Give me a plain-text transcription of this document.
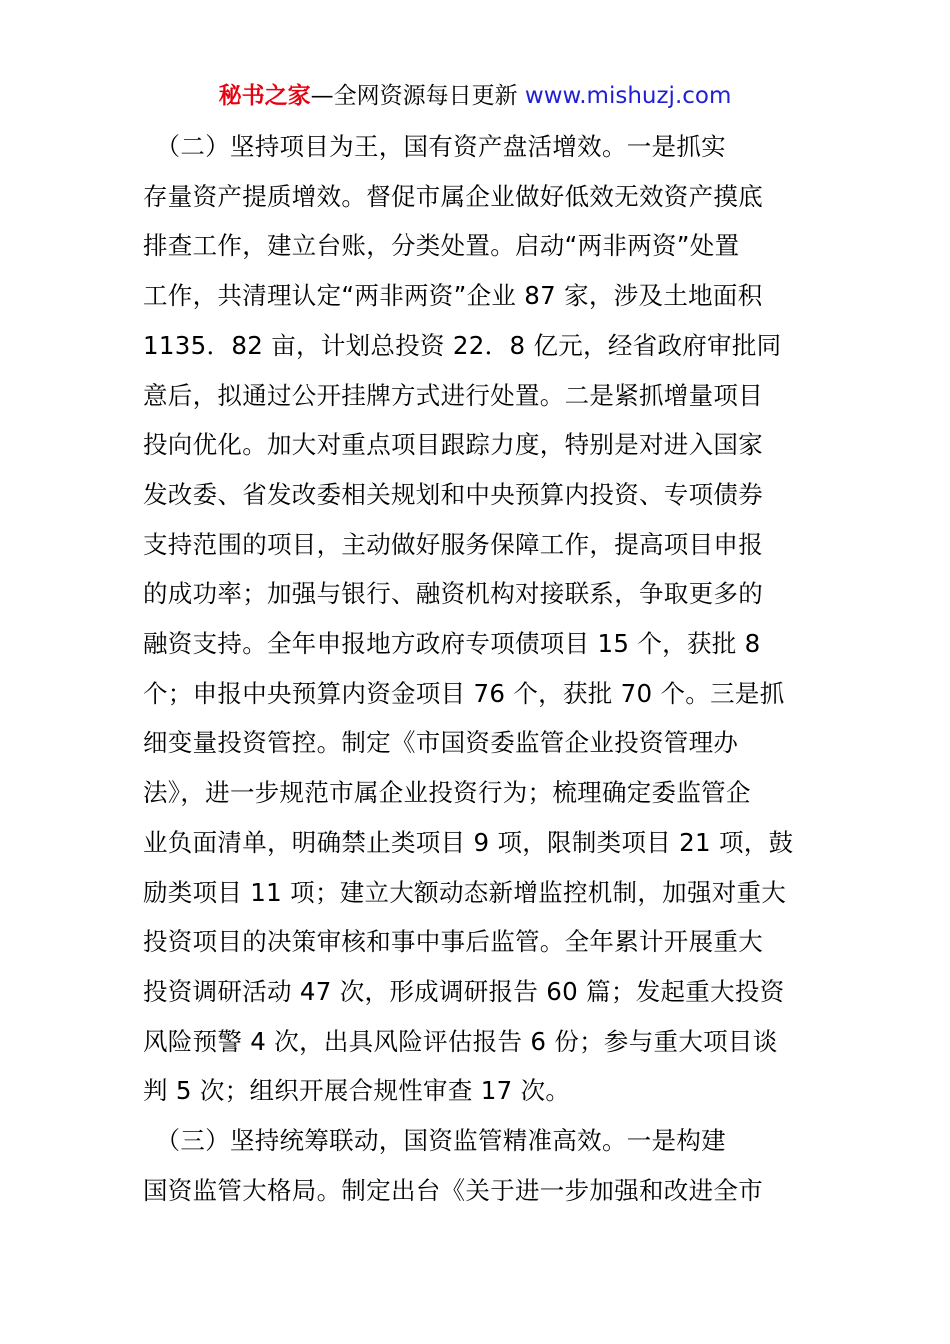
秘书之家—全网资源每日更新 www.mishuzj.com

　（二）坚持项目为王，国有资产盘活增效。一是抓实
存量资产提质增效。督促市属企业做好低效无效资产摸底
排查工作，建立台账，分类处置。启动“两非两资”处置
工作，共清理认定“两非两资”企业 87 家，涉及土地面积
1135．82 亩，计划总投资 22．8 亿元，经省政府审批同
意后，拟通过公开挂牌方式进行处置。二是紧抓增量项目
投向优化。加大对重点项目跟踪力度，特别是对进入国家
发改委、省发改委相关规划和中央预算内投资、专项债券
支持范围的项目，主动做好服务保障工作，提高项目申报
的成功率；加强与银行、融资机构对接联系，争取更多的
融资支持。全年申报地方政府专项债项目 15 个，获批 8
个；申报中央预算内资金项目 76 个，获批 70 个。三是抓
细变量投资管控。制定《市国资委监管企业投资管理办
法》，进一步规范市属企业投资行为；梳理确定委监管企
业负面清单，明确禁止类项目 9 项，限制类项目 21 项，鼓
励类项目 11 项；建立大额动态新增监控机制，加强对重大
投资项目的决策审核和事中事后监管。全年累计开展重大
投资调研活动 47 次，形成调研报告 60 篇；发起重大投资
风险预警 4 次，出具风险评估报告 6 份；参与重大项目谈
判 5 次；组织开展合规性审查 17 次。

　（三）坚持统筹联动，国资监管精准高效。一是构建
国资监管大格局。制定出台《关于进一步加强和改进全市
